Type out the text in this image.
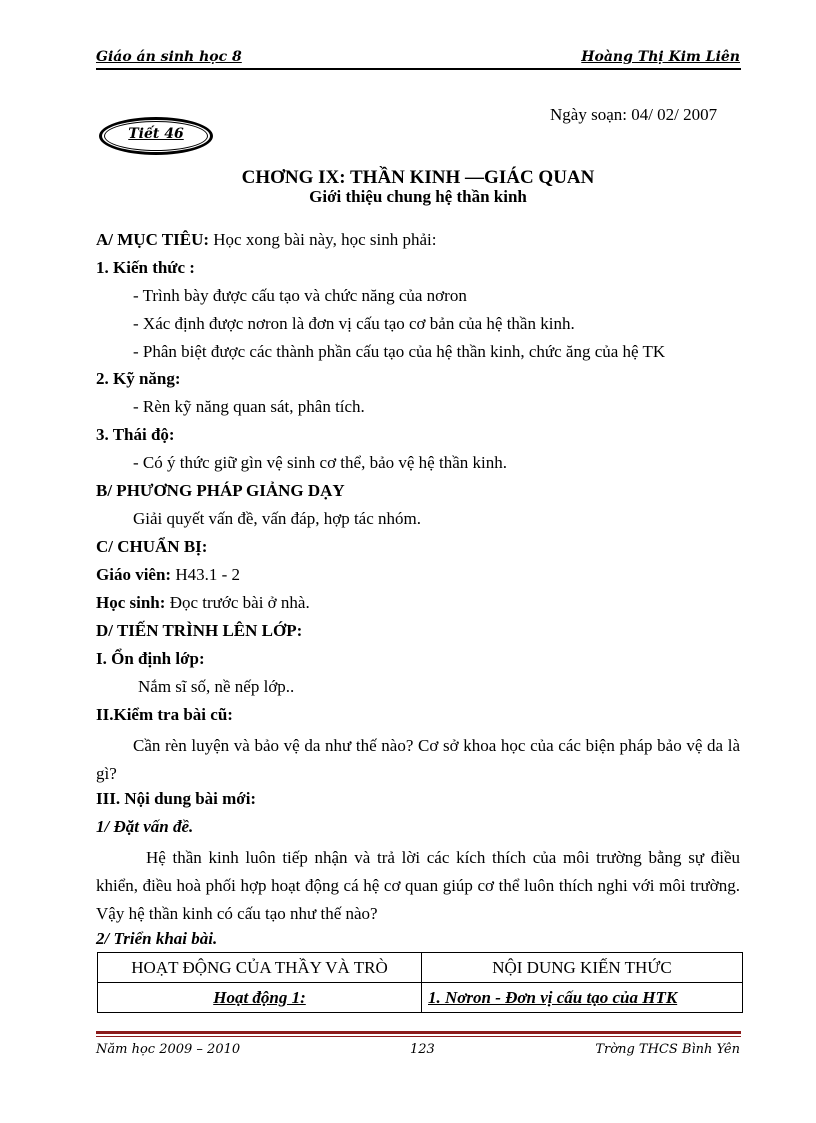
Giáo án sinh học 8	Hoàng Thị Kim Liên
Ngày soạn: 04/ 02/ 2007
Tiết 46
CHƠNG IX: THẦN KINH —GIÁC QUAN
Giới thiệu chung hệ thần kinh
A/ MỤC TIÊU: Học xong bài này, học sinh phải:
1. Kiến thức :
- Trình bày được cấu tạo và chức năng của nơron
- Xác định được nơron là đơn vị cấu tạo cơ bản của hệ thần kinh.
- Phân biệt được các thành phần cấu tạo của hệ thần kinh, chức ăng của hệ TK
2. Kỹ năng:
- Rèn kỹ năng quan sát, phân tích.
3. Thái độ:
- Có ý thức giữ gìn vệ sinh cơ thể, bảo vệ hệ thần kinh.
B/ PHƯƠNG PHÁP GIẢNG DẠY
Giải quyết vấn đề, vấn đáp, hợp tác nhóm.
C/ CHUẨN BỊ:
Giáo viên: H43.1 - 2
Học sinh: Đọc trước bài ở nhà.
D/ TIẾN TRÌNH LÊN LỚP:
I. Ổn định lớp:
Nắm sĩ số, nề nếp lớp..
II.Kiểm tra bài cũ:
Cần rèn luyện và bảo vệ da như thế nào? Cơ sở khoa học của các biện pháp bảo vệ da là gì?
III. Nội dung bài mới:
1/ Đặt vấn đề.
Hệ thần kinh luôn tiếp nhận và trả lời các kích thích của môi trường bằng sự điều khiển, điều hoà phối hợp hoạt động cá hệ cơ quan giúp cơ thể luôn thích nghi với môi trường. Vậy hệ thần kinh có cấu tạo như thế nào?
2/ Triển khai bài.
HOẠT ĐỘNG CỦA THẦY VÀ TRÒ	NỘI DUNG KIẾN THỨC
Hoạt động 1:	1. Nơron - Đơn vị cấu tạo của HTK
Năm học 2009 – 2010	123	Trờng THCS Bình Yên
